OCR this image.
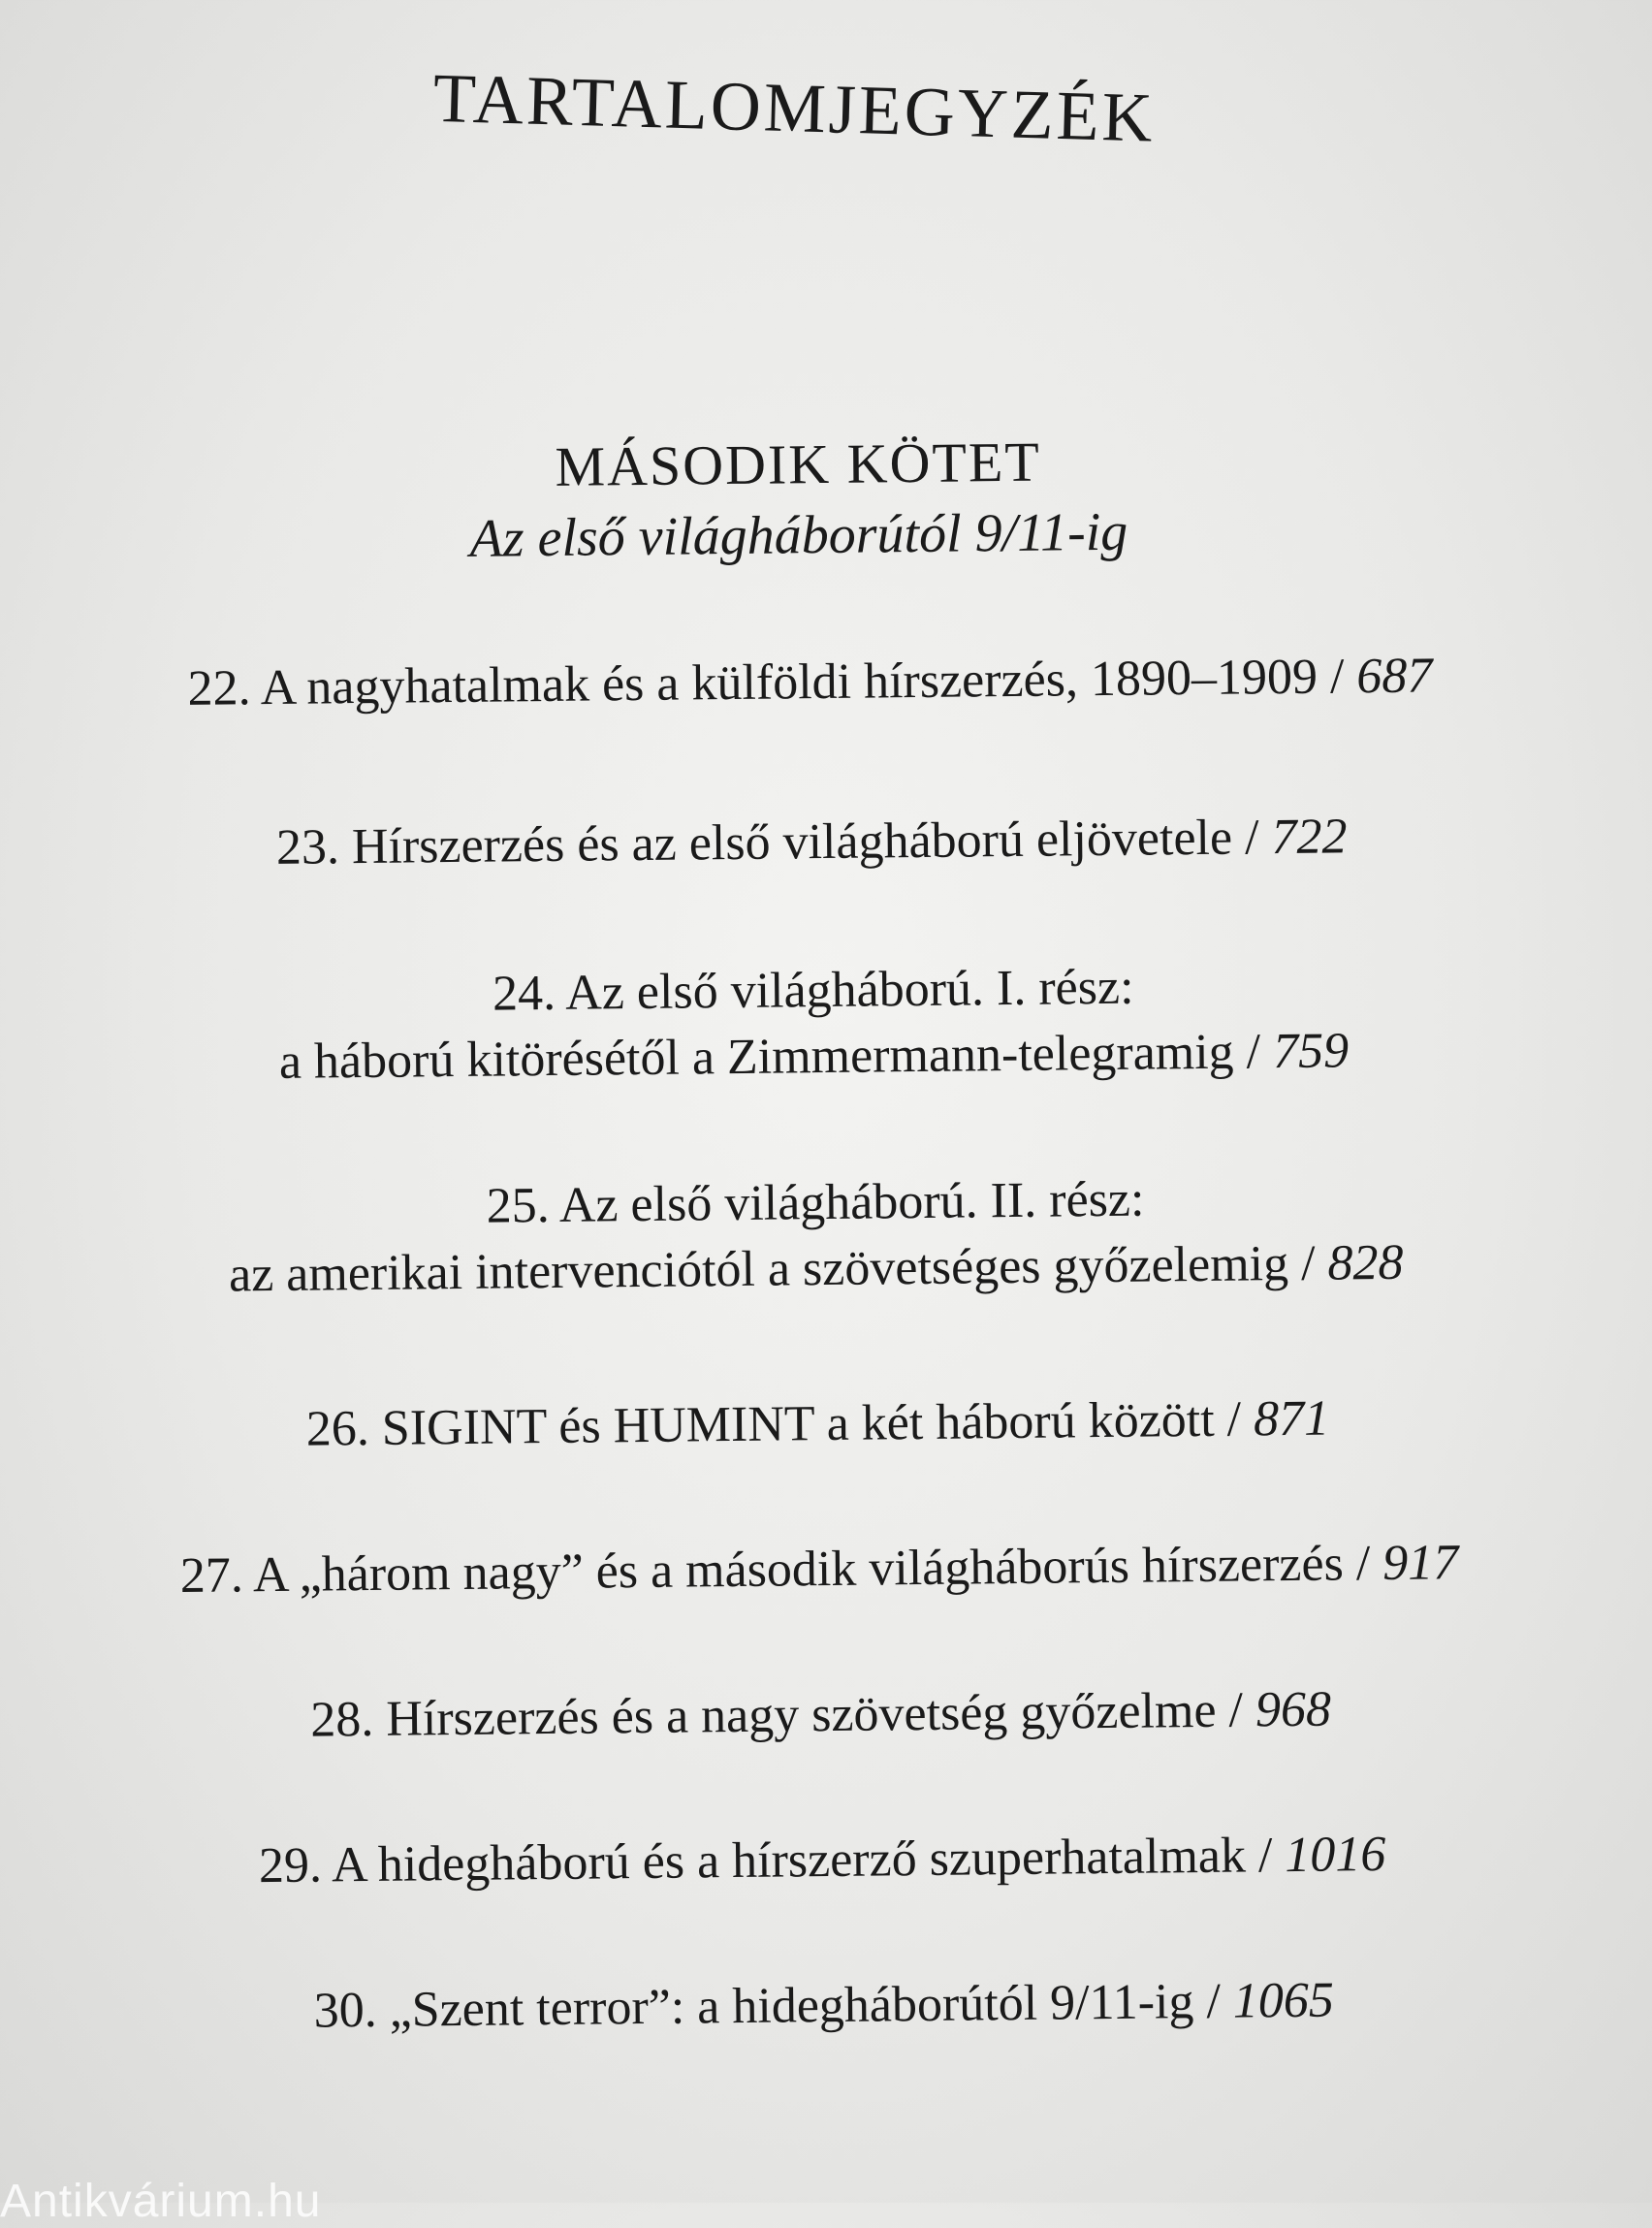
TARTALOMJEGYZÉK
MÁSODIK KÖTET
Az első világháborútól 9/11-ig
22. A nagyhatalmak és a külföldi hírszerzés, 1890–1909 / 687
23. Hírszerzés és az első világháború eljövetele / 722
24. Az első világháború. I. rész:
a háború kitörésétől a Zimmermann-telegramig / 759
25. Az első világháború. II. rész:
az amerikai intervenciótól a szövetséges győzelemig / 828
26. SIGINT és HUMINT a két háború között / 871
27. A „három nagy” és a második világháborús hírszerzés / 917
28. Hírszerzés és a nagy szövetség győzelme / 968
29. A hidegháború és a hírszerző szuperhatalmak / 1016
30. „Szent terror”: a hidegháborútól 9/11-ig / 1065
Antikvárium.hu
